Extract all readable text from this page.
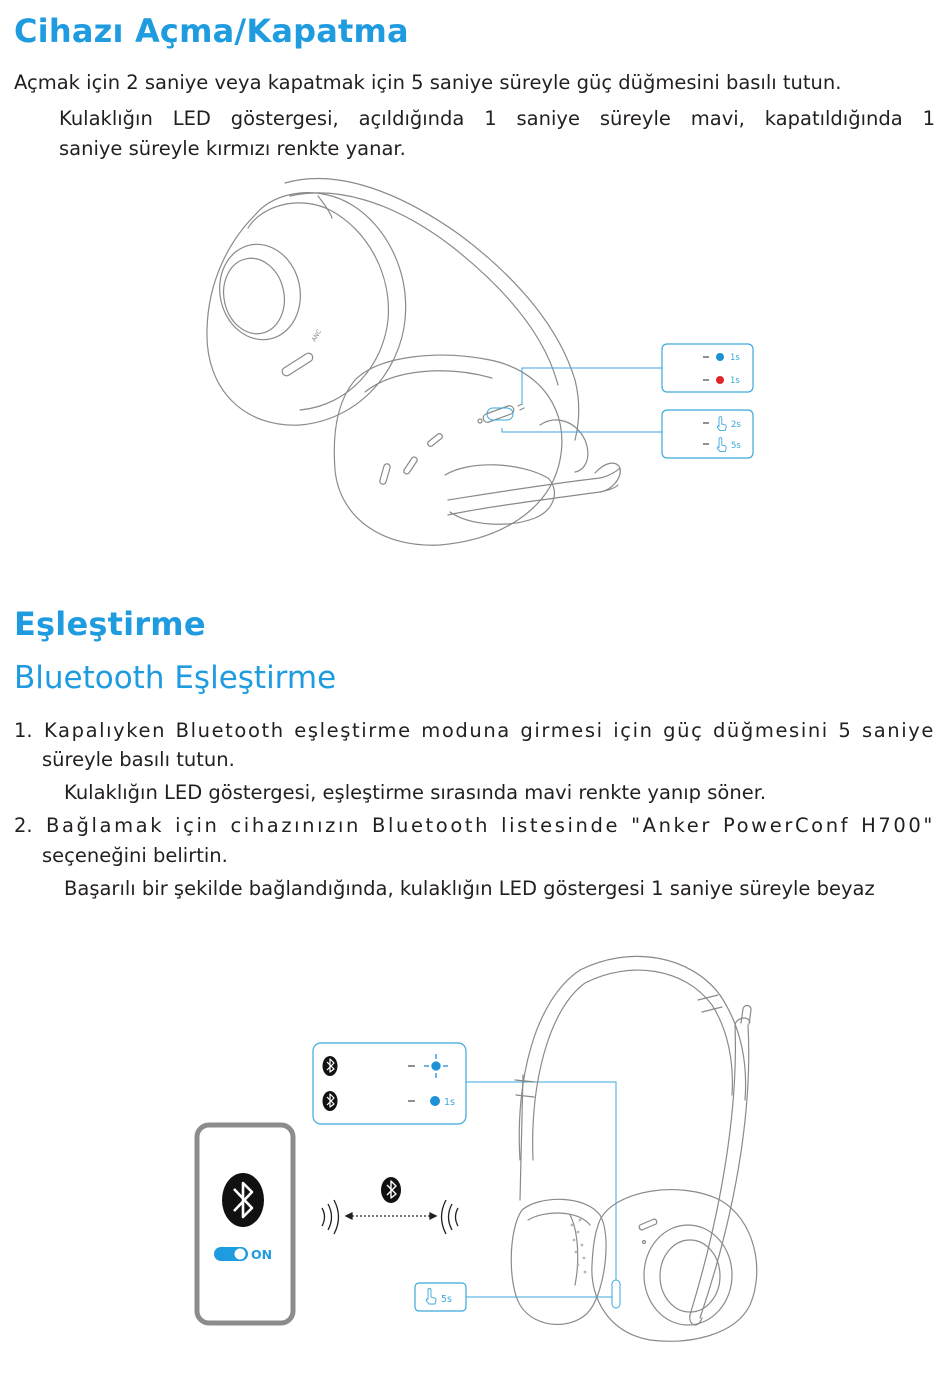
Cihazı Açma/Kapatma

Açmak için 2 saniye veya kapatmak için 5 saniye süreyle güç düğmesini basılı tutun.

Kulaklığın LED göstergesi, açıldığında 1 saniye süreyle mavi, kapatıldığında 1

saniye süreyle kırmızı renkte yanar.

ANC
1s
1s
2s
5s
Eşleştirme
Bluetooth Eşleştirme

1. Kapalıyken Bluetooth eşleştirme moduna girmesi için güç düğmesini 5 saniye

süreyle basılı tutun.

Kulaklığın LED göstergesi, eşleştirme sırasında mavi renkte yanıp söner.

2. Bağlamak için cihazınızın Bluetooth listesinde "Anker PowerConf H700"

seçeneğini belirtin.

Başarılı bir şekilde bağlandığında, kulaklığın LED göstergesi 1 saniye süreyle beyaz

ON
1s
5s
